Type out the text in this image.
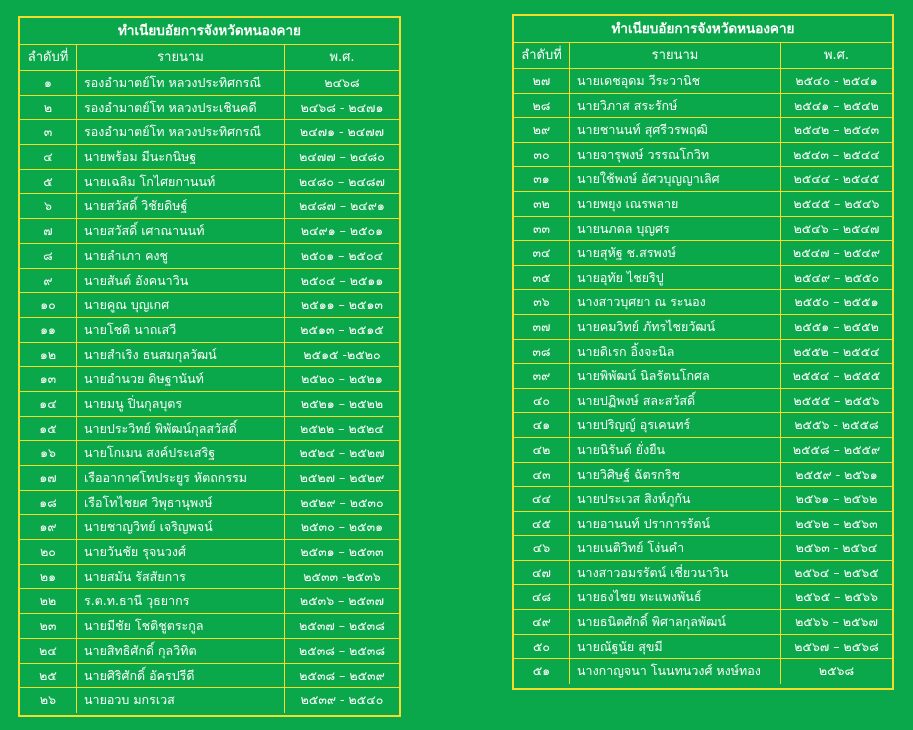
ทำเนียบอัยการจังหวัดหนองคาย
ลำดับที่	รายนาม	พ.ศ.
๑	รองอำมาตย์โท หลวงประทิศกรณี	๒๔๖๘
๒	รองอำมาตย์โท หลวงประเชินคดี	๒๔๖๘ - ๒๔๗๑
๓	รองอำมาตย์โท หลวงประทิศกรณี	๒๔๗๑ - ๒๔๗๗
๔	นายพร้อม มีนะกนิษฐ	๒๔๗๗ – ๒๔๘๐
๕	นายเฉลิม โกไศยกานนท์	๒๔๘๐ – ๒๔๘๗
๖	นายสวัสดิ์ วิชัยดิษฐ์	๒๔๘๗ – ๒๔๙๑
๗	นายสวัสดิ์ เศาณานนท์	๒๔๙๑ – ๒๕๐๑
๘	นายลำเภา คงชู	๒๕๐๑ – ๒๕๐๔
๙	นายสันต์ อังคนาวิน	๒๕๐๔ – ๒๕๑๑
๑๐	นายคูณ บุญเกศ	๒๕๑๑ – ๒๕๑๓
๑๑	นายโชติ นาถเสวี	๒๕๑๓ – ๒๕๑๕
๑๒	นายสำเริง ธนสมกุลวัฒน์	๒๕๑๕ -๒๕๒๐
๑๓	นายอำนวย ดิษฐานันท์	๒๕๒๐ – ๒๕๒๑
๑๔	นายมนู ปิ่นกุลบุตร	๒๕๒๑ – ๒๕๒๒
๑๕	นายประวิทย์ พิพัฒน์กุลสวัสดิ์	๒๕๒๒ – ๒๕๒๔
๑๖	นายโกเมน สงค์ประเสริฐ	๒๕๒๔ – ๒๕๒๗
๑๗	เรืออากาศโทประยูร หัตถกรรม	๒๕๒๗ – ๒๕๒๙
๑๘	เรือโทไชยศ วิพุธานุพงษ์	๒๕๒๙ – ๒๕๓๐
๑๙	นายชาญวิทย์ เจริญพจน์	๒๕๓๐ – ๒๕๓๑
๒๐	นายวันชัย รุจนวงศ์	๒๕๓๑ – ๒๕๓๓
๒๑	นายสมัน รัสสัยการ	๒๕๓๓ -๒๕๓๖
๒๒	ร.ต.ท.ธานี วุธยากร	๒๕๓๖ – ๒๕๓๗
๒๓	นายมีชัย โชติชูตระกูล	๒๕๓๗ – ๒๕๓๘
๒๔	นายสิทธิศักดิ์ กุลวิทิต	๒๕๓๘ – ๒๕๓๘
๒๕	นายศิริศักดิ์ อัครปรีดี	๒๕๓๘ – ๒๕๓๙
๒๖	นายอวบ มกรเวส	๒๕๓๙ - ๒๕๔๐
ทำเนียบอัยการจังหวัดหนองคาย
ลำดับที่	รายนาม	พ.ศ.
๒๗	นายเดชอุดม วีระวานิช	๒๕๔๐ - ๒๕๔๑
๒๘	นายวิภาส สระรักษ์	๒๕๔๑ – ๒๕๔๒
๒๙	นายชานนท์ สุศรีวรพฤฒิ	๒๕๔๒ – ๒๕๔๓
๓๐	นายจารุพงษ์ วรรณโกวิท	๒๕๔๓ – ๒๕๔๔
๓๑	นายใช้พงษ์ อัศวบุญญาเลิศ	๒๕๔๔ - ๒๕๔๕
๓๒	นายพยุง เณรพลาย	๒๕๔๕ – ๒๕๔๖
๓๓	นายนภดล บุญศร	๒๕๔๖ – ๒๕๔๗
๓๔	นายสุหัฐ ช.สรพงษ์	๒๕๔๗ – ๒๕๔๙
๓๕	นายอุทัย ไชยริปู	๒๕๔๙ – ๒๕๕๐
๓๖	นางสาวบุศยา ณ ระนอง	๒๕๕๐ – ๒๕๕๑
๓๗	นายคมวิทย์ ภัทรไชยวัฒน์	๒๕๕๑ – ๒๕๕๒
๓๘	นายดิเรก อิ้งจะนิล	๒๕๕๒ – ๒๕๕๔
๓๙	นายพิพัฒน์ นิลรัตนโกศล	๒๕๕๔ – ๒๕๕๕
๔๐	นายปฏิพงษ์ สละสวัสดิ์	๒๕๕๕ – ๒๕๕๖
๔๑	นายปริญญ์ อุรเคนทร์	๒๕๕๖ - ๒๕๕๘
๔๒	นายนิรันด์ ยั่งยืน	๒๕๕๘ – ๒๕๕๙
๔๓	นายวิศิษฐ์ ฉัตรกริช	๒๕๕๙ - ๒๕๖๑
๔๔	นายประเวส สิงห์ภูกัน	๒๕๖๑ – ๒๕๖๒
๔๕	นายอานนท์ ปราการรัตน์	๒๕๖๒ – ๒๕๖๓
๔๖	นายเนติวิทย์ โง่นคำ	๒๕๖๓ - ๒๕๖๔
๔๗	นางสาวอมรรัตน์ เชี่ยวนาวิน	๒๕๖๔ – ๒๕๖๕
๔๘	นายธงไชย ทะแพงพันธ์	๒๕๖๕ – ๒๕๖๖
๔๙	นายธนิตศักดิ์ พิศาลกุลพัฒน์	๒๕๖๖ – ๒๕๖๗
๕๐	นายณัฐนัย สุขมี	๒๕๖๗ – ๒๕๖๘
๕๑	นางกาญจนา โนนทนวงศ์ หงษ์ทอง	๒๕๖๘
